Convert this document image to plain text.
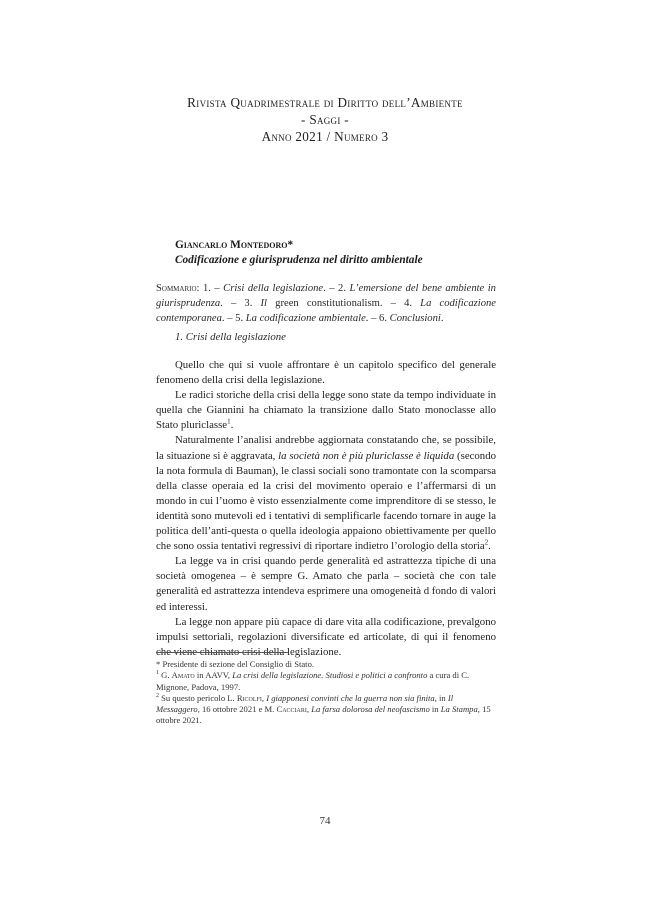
Rivista Quadrimestrale di Diritto dell’Ambiente
- Saggi -
Anno 2021 / Numero 3
Giancarlo Montedoro*
Codificazione e giurisprudenza nel diritto ambientale
Sommario: 1. – Crisi della legislazione. – 2. L’emersione del bene ambiente in giurisprudenza. – 3. Il green constitutionalism. – 4. La codificazione contemporanea. – 5. La codificazione ambientale. – 6. Conclusioni.
1. Crisi della legislazione

Quello che qui si vuole affrontare è un capitolo specifico del generale fenomeno della crisi della legislazione.

Le radici storiche della crisi della legge sono state da tempo individuate in quella che Giannini ha chiamato la transizione dallo Stato monoclasse allo Stato pluriclasse$^1$.

Naturalmente l’analisi andrebbe aggiornata constatando che, se possibile, la situazione si è aggravata, la società non è più pluriclasse è liquida (secondo la nota formula di Bauman), le classi sociali sono tramontate con la scomparsa della classe operaia ed la crisi del movimento operaio e l’affermarsi di un mondo in cui l’uomo è visto essenzialmente come imprenditore di se stesso, le identità sono mutevoli ed i tentativi di semplificarle facendo tornare in auge la politica dell’anti-questa o quella ideologia appaiono obiettivamente per quello che sono ossia tentativi regressivi di riportare indietro l’orologio della storia$^2$.

La legge va in crisi quando perde generalità ed astrattezza tipiche di una società omogenea – è sempre G. Amato che parla – società che con tale generalità ed astrattezza intendeva esprimere una omogeneità d fondo di valori ed interessi.

La legge non appare più capace di dare vita alla codificazione, prevalgono impulsi settoriali, regolazioni diversificate ed articolate, di qui il fenomeno che viene chiamato crisi della legislazione.

* Presidente di sezione del Consiglio di Stato.

$^1$ G. Amato in AAVV, La crisi della legislazione. Studiosi e politici a confronto a cura di C. Mignone, Padova, 1997.

$^2$ Su questo pericolo L. Ricolfi, I giapponesi convinti che la guerra non sia finita, in Il Messaggero, 16 ottobre 2021 e M. Cacciari, La farsa dolorosa del neofascismo in La Stampa, 15 ottobre 2021.

74
